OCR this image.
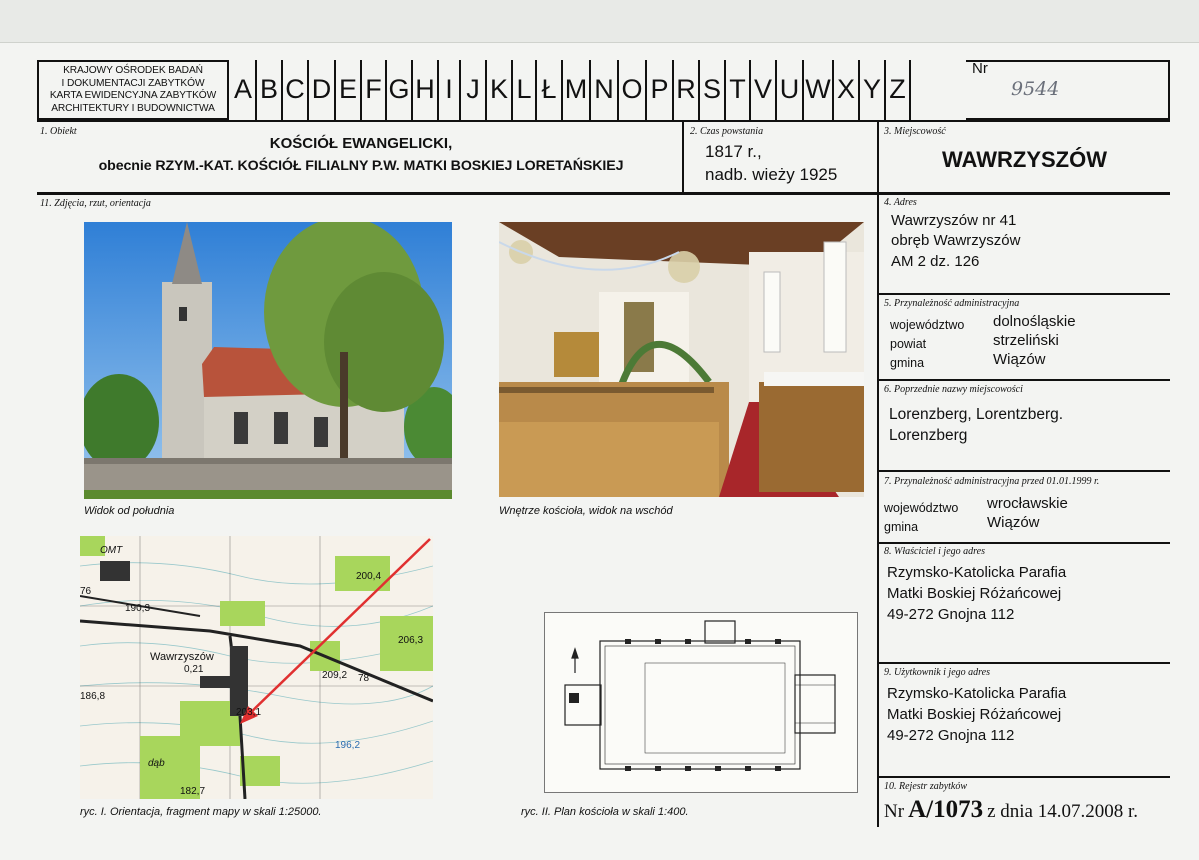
KRAJOWY OŚRODEK BADAŃ
I DOKUMENTACJI ZABYTKÓW
KARTA EWIDENCYJNA ZABYTKÓW
ARCHITEKTURY I BUDOWNICTWA
A B C D E F G H I J K L Ł M N O P R S T V U W X Y Z
Nr
9544
1. Obiekt
KOŚCIÓŁ EWANGELICKI,
obecnie RZYM.-KAT. KOŚCIÓŁ FILIALNY P.W. MATKI BOSKIEJ LORETAŃSKIEJ
2. Czas powstania
1817 r.,
nadb. wieży 1925
3. Miejscowość
WAWRZYSZÓW
11. Zdjęcia, rzut, orientacja	4. Adres
Wawrzyszów nr 41
obręb Wawrzyszów
AM 2 dz. 126
5. Przynależność administracyjna
województwo dolnośląskie
powiat	strzeliński
gmina	Wiązów
6. Poprzednie nazwy miejscowości
Lorenzberg, Lorentzberg.
Lorenzberg
7. Przynależność administracyjna przed 01.01.1999 r.
województwo wrocławskie
gmina	Wiązów
8. Właściciel i jego adres
Rzymsko-Katolicka Parafia
Matki Boskiej Różańcowej
49-272 Gnojna 112
9. Użytkownik i jego adres
Rzymsko-Katolicka Parafia
Matki Boskiej Różańcowej
49-272 Gnojna 112
10. Rejestr zabytków
Nr A/1073 z dnia 14.07.2008 r.
Widok od południa	Wnętrze kościoła, widok na wschód
OMT
Wawrzyszów
0,21
200,4
190,3
206,3
209,2
186,8
203,1
196,2
182,7
78
76
dąb
ryc. I. Orientacja, fragment mapy w skali 1:25000.	ryc. II. Plan kościoła w skali 1:400.
